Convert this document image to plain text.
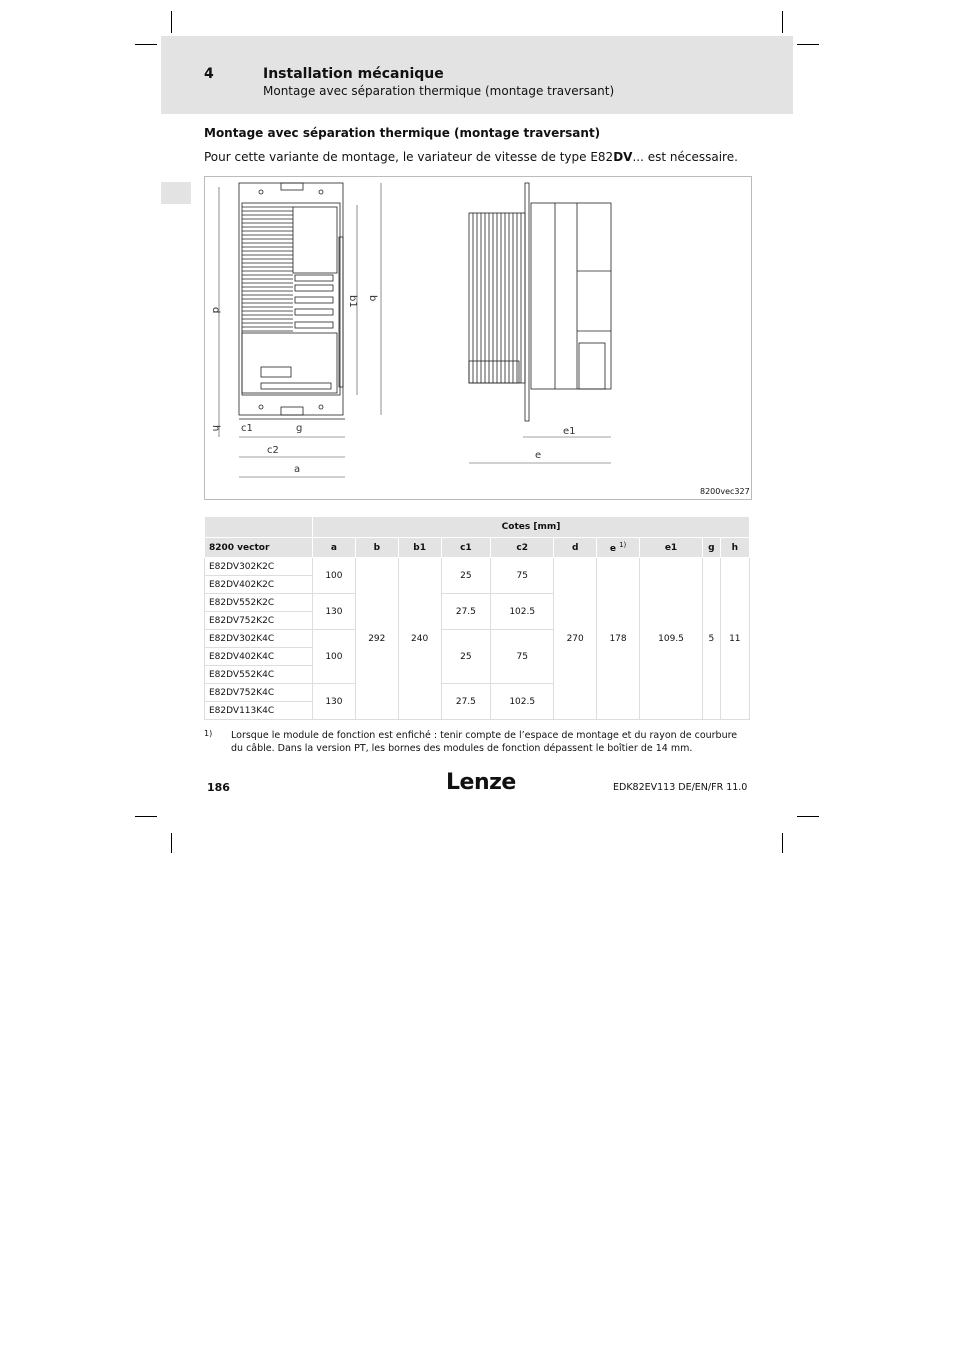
4	Installation mécanique
Montage avec séparation thermique (montage traversant)
Montage avec séparation thermique (montage traversant)
Pour cette variante de montage, le variateur de vitesse de type E82DV... est nécessaire.
d
b1 b
h c1	g
c2
a
e1
e
8200vec327
	Cotes [mm]									
8200 vector	a	b	b1	c1	c2	d	e $^{1)}$	e1	g	h
E82DV302K2C	100	292	240	25	75	270	178	109.5	5	11
E82DV402K2C										
E82DV552K2C	130			27.5	102.5					
E82DV752K2C										
E82DV302K4C	100			25	75					
E82DV402K4C										
E82DV552K4C										
E82DV752K4C	130			27.5	102.5					
E82DV113K4C										
1) Lorsque le module de fonction est enfiché : tenir compte de l’espace de montage et du rayon de courbure du câble. Dans la version PT, les bornes des modules de fonction dépassent le boîtier de 14 mm.
186	Lenze	EDK82EV113 DE/EN/FR 11.0
